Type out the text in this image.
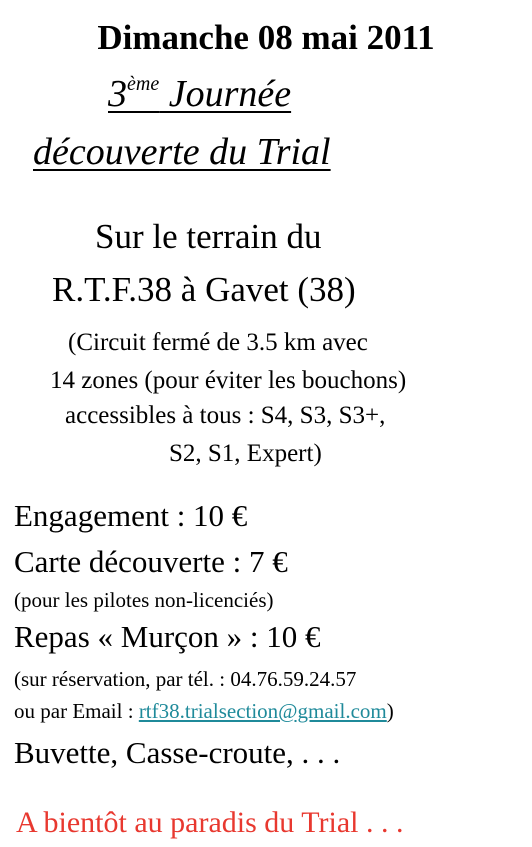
Dimanche 08 mai 2011
3ème Journée
découverte du Trial
Sur le terrain du
R.T.F.38 à Gavet (38)
(Circuit fermé de 3.5 km avec
14 zones (pour éviter les bouchons)
accessibles à tous : S4, S3, S3+,
S2, S1, Expert)
Engagement : 10 €
Carte découverte : 7 €
(pour les pilotes non-licenciés)
Repas « Murçon » : 10 €
(sur réservation, par tél. : 04.76.59.24.57
ou par Email : rtf38.trialsection@gmail.com)
Buvette, Casse-croute, . . .
A bientôt au paradis du Trial . . .
